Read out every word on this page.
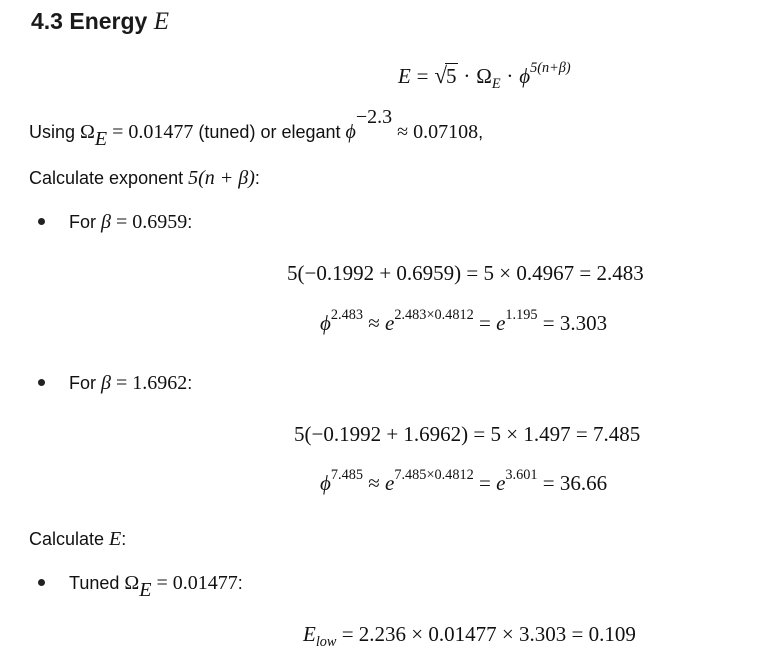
4.3 Energy E
$E = √5 \cdot \Omega_E \cdot \phi^{5(n+\beta)}$
Using $\Omega_E = 0.01477$ (tuned) or elegant $\phi^{-2.3} \approx 0.07108$,
Calculate exponent 5(n + β):
For β = 0.6959:
5(−0.1992 + 0.6959) = 5 × 0.4967 = 2.483
$\phi^{2.483} \approx e^{2.483\times 0.4812} = e^{1.195} = 3.303$
For β = 1.6962:
5(−0.1992 + 1.6962) = 5 × 1.497 = 7.485
$\phi^{7.485} \approx e^{7.485\times 0.4812} = e^{3.601} = 36.66$
Calculate E:
Tuned $\Omega_E = 0.01477$:
$E_{low} = 2.236 \times 0.01477 \times 3.303 = 0.109$
